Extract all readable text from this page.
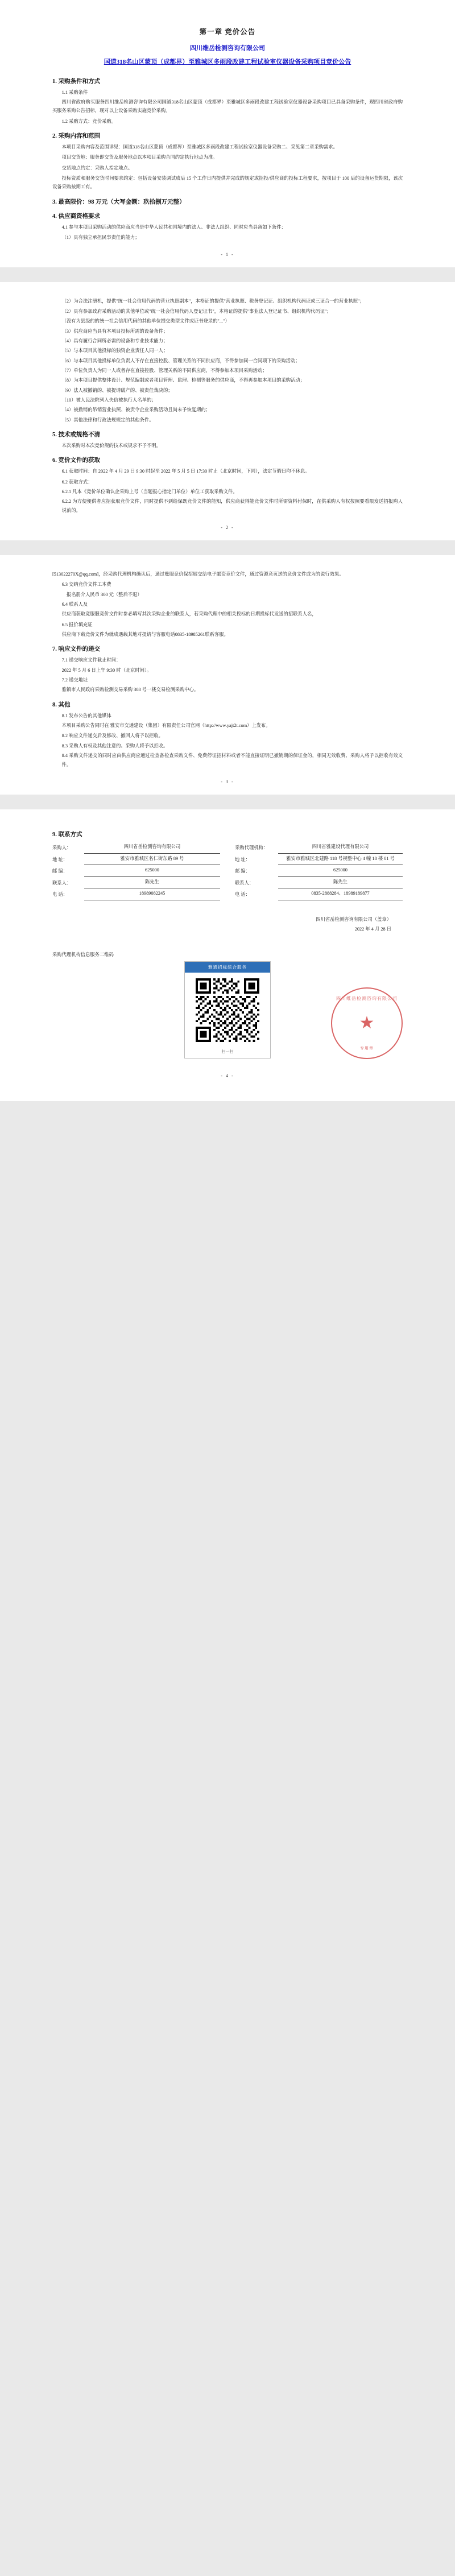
第一章 竞价公告
四川维岳检测咨询有限公司
国道318名山区蒙顶（成都界）至雅城区多雨段改建工程试验室仪器设备采购项目竞价公告
1. 采购条件和方式

1.1 采购条件

四川省政府购买服务四川维岳检测咨询有限公司国道318名山区蒙顶（成都界）至雅城区多雨段改建工程试验室仪器设备采购项目已具备采购条件，现四川省政府购买服务采购公告招标，现对以上设备采购实施竞价采购。

1.2 采购方式：竞价采购。

2. 采购内容和范围

本项目采购内容及范围详见：国道318名山区蒙顶（成都界）至雅城区多雨段改建工程试验室仪器设备采购二、采见第二章采购需求。

项目交货地：服务即交货及服务地点以本项目采购合同约定执行地点为准。

交货地点约定：采购人指定地点。

投标资质和服务交货时间要求约定：包括设备安装调试成后 15 个工作日内提供并完成的规定或招投/供应商的投标工程要求，按项目于 100 后的设备运货期限，该次设备采购按期工有。

3. 最高限价：98 万元（大写金额：玖拾捌万元整）
4. 供应商资格要求

4.1 参与本项目采购活动的供应商应当是中华人民共和国境内的法人、非法人组织、同时应当具备如下条件：

（1）具有独立承担民事责任的能力；

- 1 -

（2）为合法注册机，提供"统一社会信用代码的营业执照副本"，本格证的提供"营业执照、税务登记证、组织机构代码证或三证合一的营业执照"；

（2）具有参加政府采购活动的其他单位或"统一社会信用代码人登记证书"，本格证的提供"事业法人登记证书、组织机构代码证"；

（没有为县级的的统一社会信用代码的其他单位提交类型文件或证书登录的"..."）

（3）供应商应当具有本项目投标所需的设备条件；

（4）具有履行合同所必需的设备和专业技术能力；

（5）与本项目其他投标的独资企业责任人同一人；

（6）与本项目其他投标单位负责人不存在直接控股、管理关系的不同供应商，不得参加同一合同项下的采购活动；

（7）单位负责人为同一人或者存在直接控股、管理关系的不同供应商，不得参加本项目采购活动；

（8）为本项目提供整体设计、规范编制或者项目管理、监理、检测等服务的供应商，不得再参加本项目的采购活动；

（9）法人被撤销的、被提请破产的、被责任裁决的；

（10）被人民法院列入失信被执行人名单的；

（4）被撤销的吊销营业执照、被责令企业采购活动且尚未予恢复期的；

（5）其他法律和行政法规规定的其他条件。

5. 技术或规格不清

本次采购对本次竞价规的技术或规求不予不明。

6. 竞价文件的获取

6.1 获取时间：自 2022 年 4 月 29 日 9:30 时起至 2022 年 5 月 5 日 17:30 时止（北京时间，下同），法定节假日均不休息。

6.2 获取方式：

6.2.1 凡本《竞价单位确认企采购上号（当题报心指定门单位）单位工获取采购文件。

6.2.2 为方便便供者应招获取竞价文件，同时提供不到给保既竞价文件的能知，供应商获得能竞价文件时所需资料付保时，在供采购人有权按照要看限发送招报购人说前的。

- 2 -

[513022270X@qq.com]，经采购代理机构确认后，通过账服竞价保招展交给电子邮资竞价文件，通过资源竞页送的竞价文件或为的说行效果。

6.3 交纳竞价文件工本费

报名册介人民币 300 元（整后不退）

6.4 联系人及

供应商获取竞服服竞价文件时参必填写其次采购企业的联系人，若采购代理中的相关投标的日期投标代发送的招联系人名，

6.5 报价填充证

供应商下载竞价文件为就成遇载其地对提请与客服电话0835-18985261联系客服。

7. 响应文件的递交

7.1 递交响应文件截止时间：

2022 年 5 月 6 日上午 9:30 时（北京时间）。

7.2 递交地址

雅镇市人民政府采购检测交易采购 308 号一楼交易检测采购中心。

8. 其他

8.1 发布公告的其他媒体

本项目采购公告同时在 雅安市交通建设（集团）有限责任公司官网（http://www.yajt2t.com）上发布。

8.2 响应文件递交后及修改、撤回人将予以拒收。

8.3 采购人有权及其他注意的。采购人将予以拒收。

8.4 采购文件递交的同时应由供应商应通过检查备检查采购文件、免费停证招材料或者不能直接证明已撤销期的保证金的，相同无效收费、采购人将予以拒收有效文件。

- 3 -
9. 联系方式
采购人：	四川省岳检测咨询有限公司
地 址：	雅安市雅城区名仁街东路 89 号
邮 编：	625000
联系人：	陈先生
电 话：	18989082245
采购代理机构：	四川省雅建设代理有限公司
地 址：	雅安市雅城区北建路 118 号视整中心 4 幢 18 楼 01 号
邮 编：	625000
联系人：	陈先生
电 话：	0835-2888284、18989189877
四川省岳检测咨询有限公司（盖章）
2022 年 4 月 28 日
四川维岳检测咨询有限公司
★
专用章
采购代理机构信息服务二维码
雅通招标综合服务
扫一扫
- 4 -
